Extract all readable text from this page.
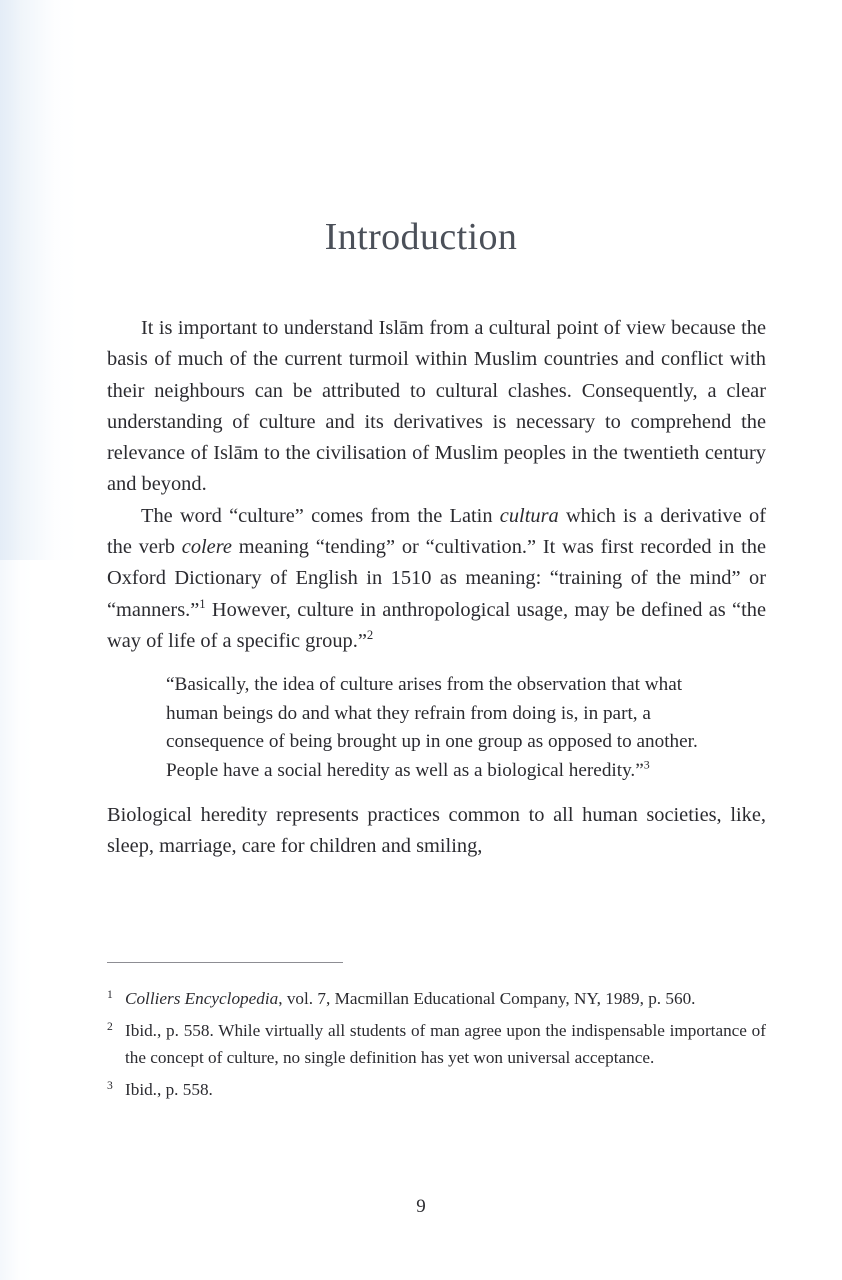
Introduction

It is important to understand Islām from a cultural point of view because the basis of much of the current turmoil within Muslim countries and conflict with their neighbours can be attributed to cultural clashes. Consequently, a clear understanding of culture and its derivatives is necessary to comprehend the relevance of Islām to the civilisation of Muslim peoples in the twentieth century and beyond.

The word “culture” comes from the Latin cultura which is a derivative of the verb colere meaning “tending” or “cultivation.” It was first recorded in the Oxford Dictionary of English in 1510 as meaning: “training of the mind” or “manners.”$^1$ However, culture in anthropological usage, may be defined as “the way of life of a specific group.”$^2$

“Basically, the idea of culture arises from the observation that what human beings do and what they refrain from doing is, in part, a consequence of being brought up in one group as opposed to another. People have a social heredity as well as a biological heredity.”$^3$

Biological heredity represents practices common to all human societies, like, sleep, marriage, care for children and smiling,

1 Colliers Encyclopedia, vol. 7, Macmillan Educational Company, NY, 1989, p. 560.
2 Ibid., p. 558. While virtually all students of man agree upon the indispensable importance of the concept of culture, no single definition has yet won universal acceptance.
3 Ibid., p. 558.
9
